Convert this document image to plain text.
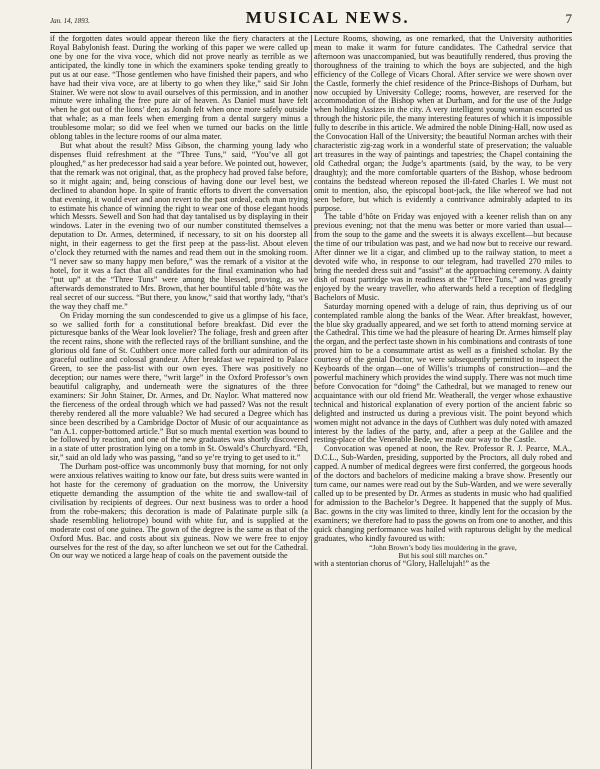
Jan. 14, 1893.	MUSICAL NEWS.	7

if the forgotten dates would appear thereon like the fiery characters at the Royal Babylonish feast. During the working of this paper we were called up one by one for the viva voce, which did not prove nearly as terrible as we anticipated, the kindly tone in which the examiners spoke tending greatly to put us at our ease. “Those gentlemen who have finished their papers, and who have had their viva voce, are at liberty to go when they like,” said Sir John Stainer. We were not slow to avail ourselves of this permission, and in another minute were inhaling the free pure air of heaven. As Daniel must have felt when he got out of the lions’ den; as Jonah felt when once more safely outside that whale; as a man feels when emerging from a dental surgery minus a troublesome molar; so did we feel when we turned our backs on the little oblong tables in the lecture rooms of our alma mater.

But what about the result? Miss Gibson, the charming young lady who dispenses fluid refreshment at the “Three Tuns,” said, “You’ve all got ploughed,” as her predecessor had said a year before. We pointed out, however, that the remark was not original, that, as the prophecy had proved false before, so it might again; and, being conscious of having done our level best, we declined to abandon hope. In spite of frantic efforts to divert the conversation that evening, it would ever and anon revert to the past ordeal, each man trying to estimate his chance of winning the right to wear one of those elegant hoods which Messrs. Sewell and Son had that day tantalised us by displaying in their windows. Later in the evening two of our number constituted themselves a deputation to Dr. Armes, determined, if necessary, to sit on his doorstep all night, in their eagerness to get the first peep at the pass-list. About eleven o’clock they returned with the names and read them out in the smoking room. “I never saw so many happy men before,” was the remark of a visitor at the hotel, for it was a fact that all candidates for the final examination who had “put up” at the “Three Tuns” were among the blessed, proving, as we afterwards demonstrated to Mrs. Brown, that her bountiful table d’hôte was the real secret of our success. “But there, you know,” said that worthy lady, “that’s the way they chaff me.”

On Friday morning the sun condescended to give us a glimpse of his face, so we sallied forth for a constitutional before breakfast. Did ever the picturesque banks of the Wear look lovelier? The foliage, fresh and green after the recent rains, shone with the reflected rays of the brilliant sunshine, and the glorious old fane of St. Cuthbert once more called forth our admiration of its graceful outline and colossal grandeur. After breakfast we repaired to Palace Green, to see the pass-list with our own eyes. There was positively no deception; our names were there, “writ large” in the Oxford Professor’s own beautiful caligraphy, and underneath were the signatures of the three examiners: Sir John Stainer, Dr. Armes, and Dr. Naylor. What mattered now the fierceness of the ordeal through which we had passed? Was not the result thereby rendered all the more valuable? We had secured a Degree which has since been described by a Cambridge Doctor of Music of our acquaintance as “an A.1. copper-bottomed article.” But so much mental exertion was bound to be followed by reaction, and one of the new graduates was shortly discovered in a state of utter prostration lying on a tomb in St. Oswald’s Churchyard. “Eh, sir,” said an old lady who was passing, “and so ye’re trying to get used to it.”

The Durham post-office was uncommonly busy that morning, for not only were anxious relatives waiting to know our fate, but dress suits were wanted in hot haste for the ceremony of graduation on the morrow, the University etiquette demanding the assumption of the white tie and swallow-tail of civilisation by recipients of degrees. Our next business was to order a hood from the robe-makers; this decoration is made of Palatinate purple silk (a shade resembling heliotrope) bound with white fur, and is supplied at the moderate cost of one guinea. The gown of the degree is the same as that of the Oxford Mus. Bac. and costs about six guineas. Now we were free to enjoy ourselves for the rest of the day, so after luncheon we set out for the Cathedral. On our way we noticed a large heap of coals on the pavement outside the

Lecture Rooms, showing, as one remarked, that the University authorities mean to make it warm for future candidates. The Cathedral service that afternoon was unaccompanied, but was beautifully rendered, thus proving the thoroughness of the training to which the boys are subjected, and the high efficiency of the College of Vicars Choral. After service we were shown over the Castle, formerly the chief residence of the Prince-Bishops of Durham, but now occupied by University College; rooms, however, are reserved for the accommodation of the Bishop when at Durham, and for the use of the Judge when holding Assizes in the city. A very intelligent young woman escorted us through the historic pile, the many interesting features of which it is impossible fully to describe in this article. We admired the noble Dining-Hall, now used as the Convocation Hall of the University; the beautiful Norman arches with their characteristic zig-zag work in a wonderful state of preservation; the valuable art treasures in the way of paintings and tapestries; the Chapel containing the old Cathedral organ; the Judge’s apartments (said, by the way, to be very draughty); and the more comfortable quarters of the Bishop, whose bedroom contains the bedstead whereon reposed the ill-fated Charles I. We must not omit to mention, also, the episcopal boot-jack, the like whereof we had not seen before, but which is evidently a contrivance admirably adapted to its purpose.

The table d’hôte on Friday was enjoyed with a keener relish than on any previous evening; not that the menu was better or more varied than usual—from the soup to the game and the sweets it is always excellent—but because the time of our tribulation was past, and we had now but to receive our reward. After dinner we lit a cigar, and climbed up to the railway station, to meet a devoted wife who, in response to our telegram, had travelled 270 miles to bring the needed dress suit and “assist” at the approaching ceremony. A dainty dish of roast partridge was in readiness at the “Three Tuns,” and was greatly enjoyed by the weary traveller, who afterwards held a reception of fledgling Bachelors of Music.

Saturday morning opened with a deluge of rain, thus depriving us of our contemplated ramble along the banks of the Wear. After breakfast, however, the blue sky gradually appeared, and we set forth to attend morning service at the Cathedral. This time we had the pleasure of hearing Dr. Armes himself play the organ, and the perfect taste shown in his combinations and contrasts of tone proved him to be a consummate artist as well as a finished scholar. By the courtesy of the genial Doctor, we were subsequently permitted to inspect the Keyboards of the organ—one of Willis’s triumphs of construction—and the powerful machinery which provides the wind supply. There was not much time before Convocation for “doing” the Cathedral, but we managed to renew our acquaintance with our old friend Mr. Weatherall, the verger whose exhaustive technical and historical explanation of every portion of the ancient fabric so delighted and instructed us during a previous visit. The point beyond which women might not advance in the days of Cuthbert was duly noted with amazed interest by the ladies of the party, and, after a peep at the Galilee and the resting-place of the Venerable Bede, we made our way to the Castle.

Convocation was opened at noon, the Rev. Professor R. J. Pearce, M.A., D.C.L., Sub-Warden, presiding, supported by the Proctors, all duly robed and capped. A number of medical degrees were first conferred, the gorgeous hoods of the doctors and bachelors of medicine making a brave show. Presently our turn came, our names were read out by the Sub-Warden, and we were severally called up to be presented by Dr. Armes as students in music who had qualified for admission to the Bachelor’s Degree. It happened that the supply of Mus. Bac. gowns in the city was limited to three, kindly lent for the occasion by the examiners; we therefore had to pass the gowns on from one to another, and this quick changing performance was hailed with rapturous delight by the medical graduates, who kindly favoured us with:

“John Brown’s body lies mouldering in the grave,

But his soul still marches on.”

with a stentorian chorus of “Glory, Hallelujah!” as the
